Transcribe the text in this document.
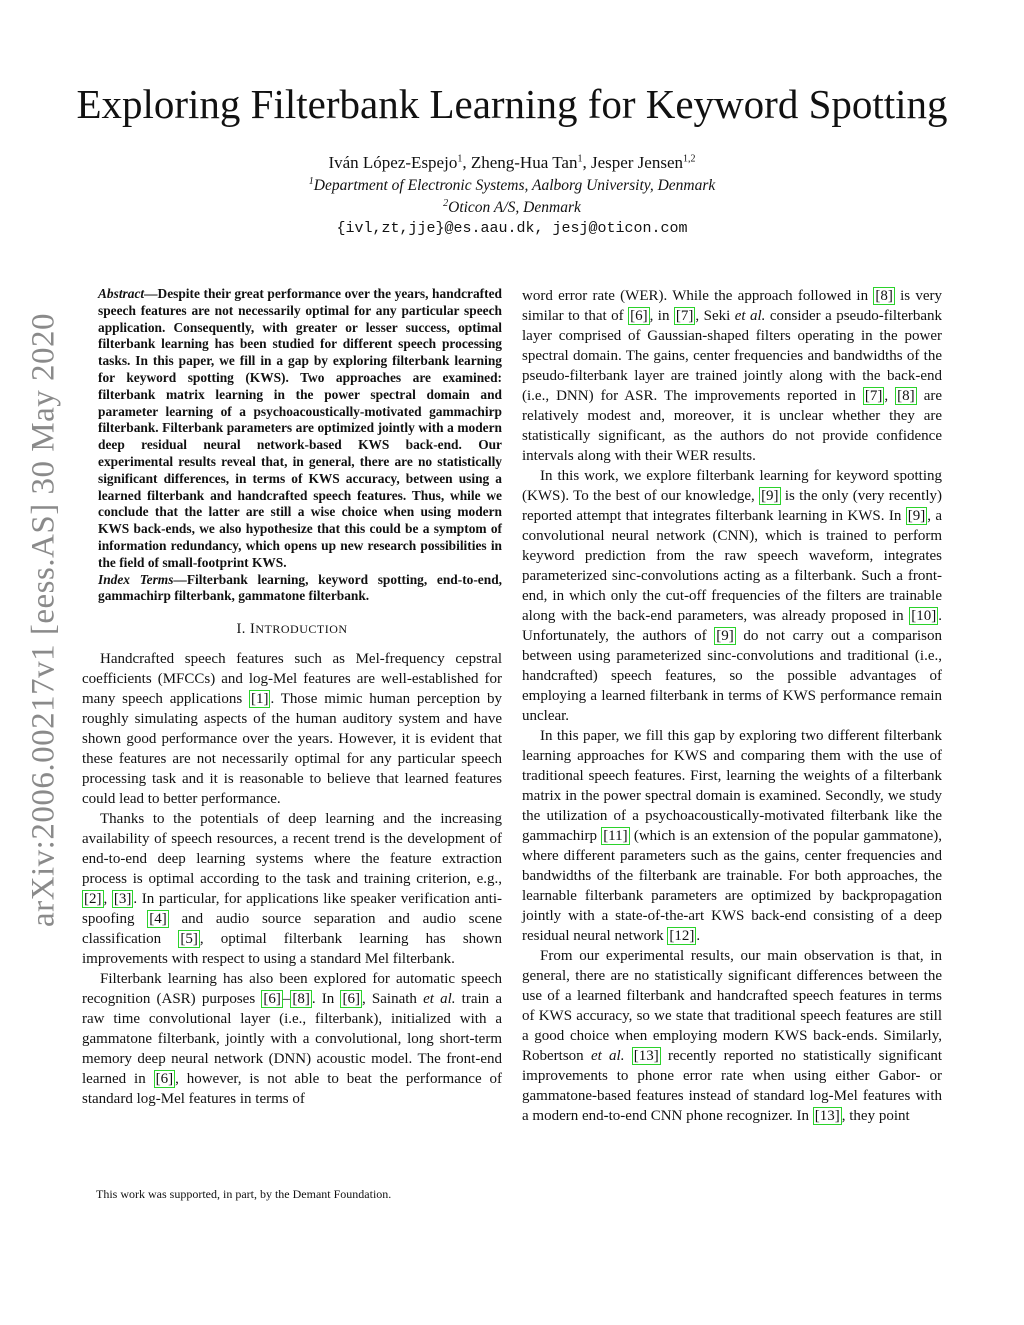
arXiv:2006.00217v1 [eess.AS] 30 May 2020
Exploring Filterbank Learning for Keyword Spotting
Iván López-Espejo$^1$, Zheng-Hua Tan$^1$, Jesper Jensen$^{1,2}$
$^1$Department of Electronic Systems, Aalborg University, Denmark
$^2$Oticon A/S, Denmark
{ivl,zt,jje}@es.aau.dk, jesj@oticon.com
Abstract—Despite their great performance over the years, handcrafted speech features are not necessarily optimal for any particular speech application. Consequently, with greater or lesser success, optimal filterbank learning has been studied for different speech processing tasks. In this paper, we fill in a gap by exploring filterbank learning for keyword spotting (KWS). Two approaches are examined: filterbank matrix learning in the power spectral domain and parameter learning of a psychoacoustically-motivated gammachirp filterbank. Filterbank parameters are optimized jointly with a modern deep residual neural network-based KWS back-end. Our experimental results reveal that, in general, there are no statistically significant differences, in terms of KWS accuracy, between using a learned filterbank and handcrafted speech features. Thus, while we conclude that the latter are still a wise choice when using modern KWS back-ends, we also hypothesize that this could be a symptom of information redundancy, which opens up new research possibilities in the field of small-footprint KWS.
Index Terms—Filterbank learning, keyword spotting, end-to-end, gammachirp filterbank, gammatone filterbank.
I. INTRODUCTION

Handcrafted speech features such as Mel-frequency cepstral coefficients (MFCCs) and log-Mel features are well-established for many speech applications [1] . Those mimic human perception by roughly simulating aspects of the human auditory system and have shown good performance over the years. However, it is evident that these features are not necessarily optimal for any particular speech processing task and it is reasonable to believe that learned features could lead to better performance.

Thanks to the potentials of deep learning and the increasing availability of speech resources, a recent trend is the development of end-to-end deep learning systems where the feature extraction process is optimal according to the task and training criterion, e.g., [2] , [3] . In particular, for applications like speaker verification anti-spoofing [4] and audio source separation and audio scene classification [5] , optimal filterbank learning has shown improvements with respect to using a standard Mel filterbank.

Filterbank learning has also been explored for automatic speech recognition (ASR) purposes [6] – [8] . In [6] , Sainath et al. train a raw time convolutional layer (i.e., filterbank), initialized with a gammatone filterbank, jointly with a convolutional, long short-term memory deep neural network (DNN) acoustic model. The front-end learned in [6] , however, is not able to beat the performance of standard log-Mel features in terms of

word error rate (WER). While the approach followed in [8] is very similar to that of [6] , in [7] , Seki et al. consider a pseudo-filterbank layer comprised of Gaussian-shaped filters operating in the power spectral domain. The gains, center frequencies and bandwidths of the pseudo-filterbank layer are trained jointly along with the back-end (i.e., DNN) for ASR. The improvements reported in [7] , [8] are relatively modest and, moreover, it is unclear whether they are statistically significant, as the authors do not provide confidence intervals along with their WER results.

In this work, we explore filterbank learning for keyword spotting (KWS). To the best of our knowledge, [9] is the only (very recently) reported attempt that integrates filterbank learning in KWS. In [9] , a convolutional neural network (CNN), which is trained to perform keyword prediction from the raw speech waveform, integrates parameterized sinc-convolutions acting as a filterbank. Such a front-end, in which only the cut-off frequencies of the filters are trainable along with the back-end parameters, was already proposed in [10] . Unfortunately, the authors of [9] do not carry out a comparison between using parameterized sinc-convolutions and traditional (i.e., handcrafted) speech features, so the possible advantages of employing a learned filterbank in terms of KWS performance remain unclear.

In this paper, we fill this gap by exploring two different filterbank learning approaches for KWS and comparing them with the use of traditional speech features. First, learning the weights of a filterbank matrix in the power spectral domain is examined. Secondly, we study the utilization of a psychoacoustically-motivated filterbank like the gammachirp [11] (which is an extension of the popular gammatone), where different parameters such as the gains, center frequencies and bandwidths of the filterbank are trainable. For both approaches, the learnable filterbank parameters are optimized by backpropagation jointly with a state-of-the-art KWS back-end consisting of a deep residual neural network [12] .

From our experimental results, our main observation is that, in general, there are no statistically significant differences between the use of a learned filterbank and handcrafted speech features in terms of KWS accuracy, so we state that traditional speech features are still a good choice when employing modern KWS back-ends. Similarly, Robertson et al. [13] recently reported no statistically significant improvements to phone error rate when using either Gabor- or gammatone-based features instead of standard log-Mel features with a modern end-to-end CNN phone recognizer. In [13] , they point

This work was supported, in part, by the Demant Foundation.
